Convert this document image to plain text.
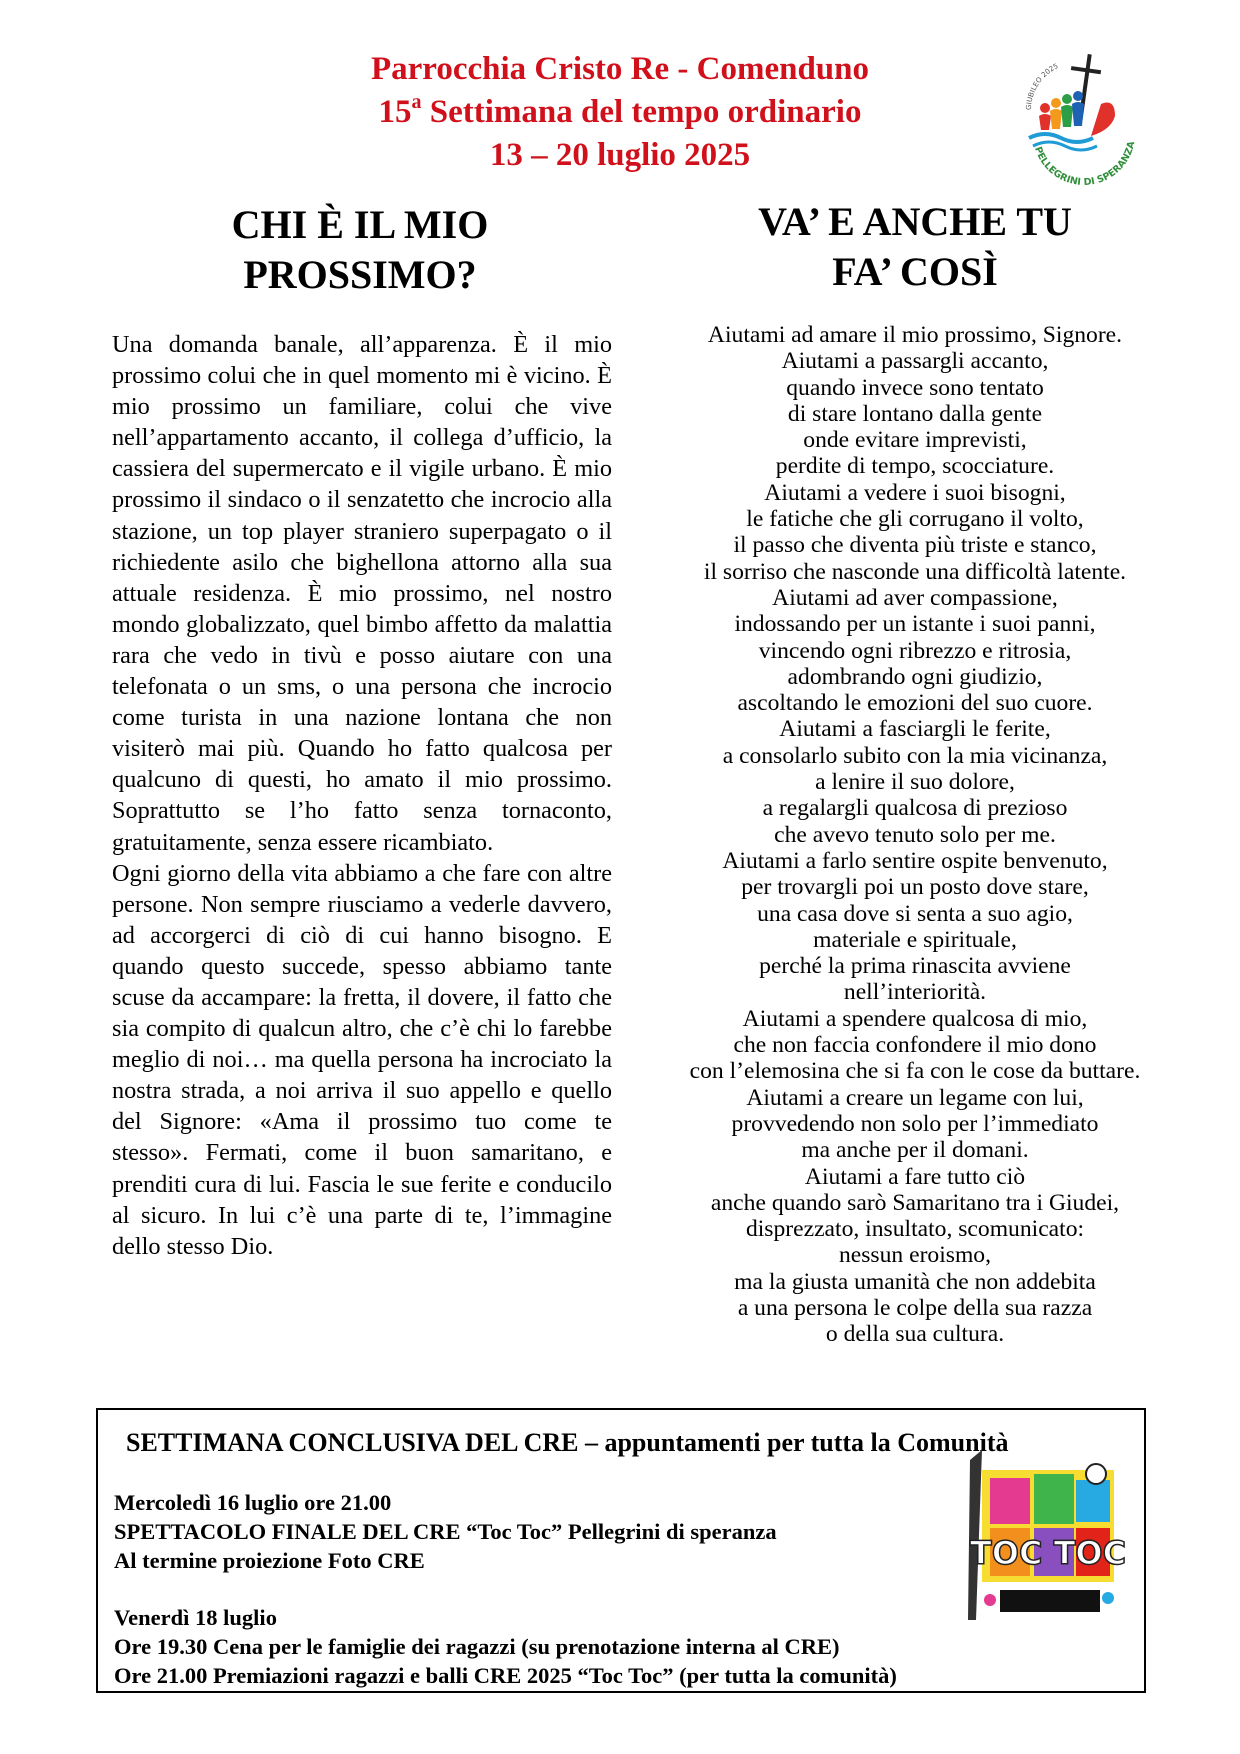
Parrocchia Cristo Re - Comenduno
15$^a$ Settimana del tempo ordinario
13 – 20 luglio 2025
GIUBILEO 2025
PELLEGRINI DI SPERANZA
CHI È IL MIO
PROSSIMO?

Una domanda banale, all’apparenza. È il mio prossimo colui che in quel momento mi è vicino. È mio prossimo un familiare, colui che vive nell’appartamento accanto, il collega d’ufficio, la cassiera del supermercato e il vigile urbano. È mio prossimo il sindaco o il senzatetto che incrocio alla stazione, un top player straniero superpagato o il richiedente asilo che bighellona attorno alla sua attuale residenza. È mio prossimo, nel nostro mondo globalizzato, quel bimbo affetto da malattia rara che vedo in tivù e posso aiutare con una telefonata o un sms, o una persona che incrocio come turista in una nazione lontana che non visiterò mai più. Quando ho fatto qualcosa per qualcuno di questi, ho amato il mio prossimo. Soprattutto se l’ho fatto senza tornaconto, gratuitamente, senza essere ricambiato.

Ogni giorno della vita abbiamo a che fare con altre persone. Non sempre riusciamo a vederle davvero, ad accorgerci di ciò di cui hanno bisogno. E quando questo succede, spesso abbiamo tante scuse da accampare: la fretta, il dovere, il fatto che sia compito di qualcun altro, che c’è chi lo farebbe meglio di noi… ma quella persona ha incrociato la nostra strada, a noi arriva il suo appello e quello del Signore: «Ama il prossimo tuo come te stesso». Fermati, come il buon samaritano, e prenditi cura di lui. Fascia le sue ferite e conducilo al sicuro. In lui c’è una parte di te, l’immagine dello stesso Dio.

VA’ E ANCHE TU
FA’ COSÌ
Aiutami ad amare il mio prossimo, Signore.
Aiutami a passargli accanto,
quando invece sono tentato
di stare lontano dalla gente
onde evitare imprevisti,
perdite di tempo, scocciature.
Aiutami a vedere i suoi bisogni,
le fatiche che gli corrugano il volto,
il passo che diventa più triste e stanco,
il sorriso che nasconde una difficoltà latente.
Aiutami ad aver compassione,
indossando per un istante i suoi panni,
vincendo ogni ribrezzo e ritrosia,
adombrando ogni giudizio,
ascoltando le emozioni del suo cuore.
Aiutami a fasciargli le ferite,
a consolarlo subito con la mia vicinanza,
a lenire il suo dolore,
a regalargli qualcosa di prezioso
che avevo tenuto solo per me.
Aiutami a farlo sentire ospite benvenuto,
per trovargli poi un posto dove stare,
una casa dove si senta a suo agio,
materiale e spirituale,
perché la prima rinascita avviene
nell’interiorità.
Aiutami a spendere qualcosa di mio,
che non faccia confondere il mio dono
con l’elemosina che si fa con le cose da buttare.
Aiutami a creare un legame con lui,
provvedendo non solo per l’immediato
ma anche per il domani.
Aiutami a fare tutto ciò
anche quando sarò Samaritano tra i Giudei,
disprezzato, insultato, scomunicato:
nessun eroismo,
ma la giusta umanità che non addebita
a una persona le colpe della sua razza
o della sua cultura.
SETTIMANA CONCLUSIVA DEL CRE – appuntamenti per tutta la Comunità
Mercoledì 16 luglio ore 21.00
SPETTACOLO FINALE DEL CRE “Toc Toc” Pellegrini di speranza
Al termine proiezione Foto CRE
Venerdì 18 luglio
Ore 19.30 Cena per le famiglie dei ragazzi (su prenotazione interna al CRE)
Ore 21.00 Premiazioni ragazzi e balli CRE 2025 “Toc Toc” (per tutta la comunità)
TOC TOC
